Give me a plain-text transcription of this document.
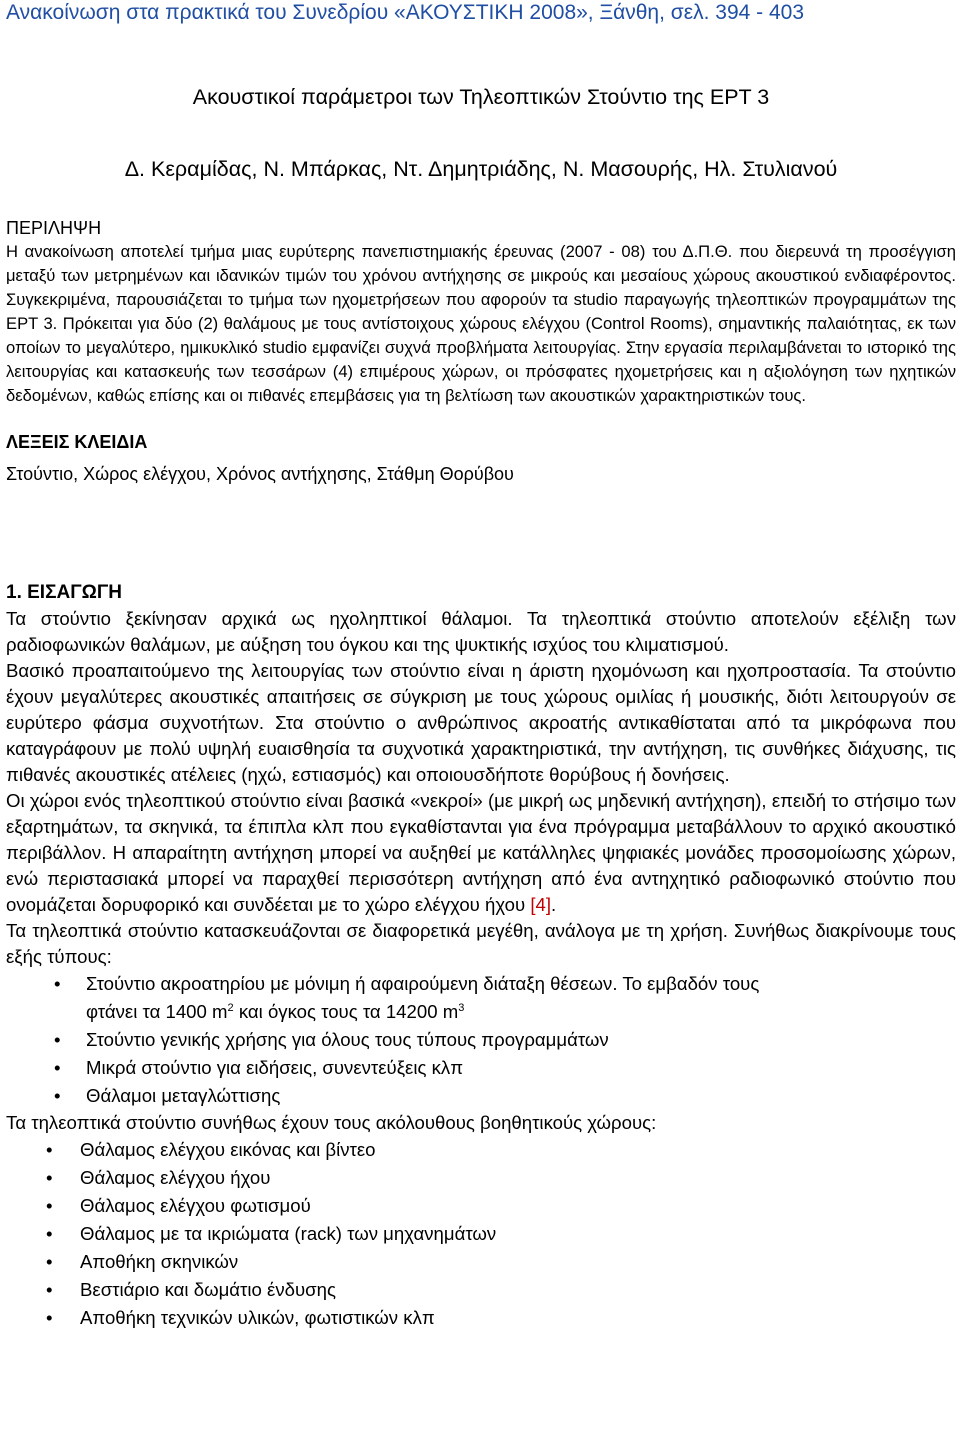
Ανακοίνωση στα πρακτικά του Συνεδρίου «ΑΚΟΥΣΤΙΚΗ 2008», Ξάνθη, σελ. 394 - 403
Ακουστικοί παράμετροι των Τηλεοπτικών Στούντιο της ΕΡΤ 3
Δ. Κεραμίδας, Ν. Μπάρκας, Ντ. Δημητριάδης, Ν. Μασουρής, Ηλ. Στυλιανού
ΠΕΡΙΛΗΨΗ

Η ανακοίνωση αποτελεί τμήμα μιας ευρύτερης πανεπιστημιακής έρευνας (2007 - 08) του Δ.Π.Θ. που διερευνά τη προσέγγιση μεταξύ των μετρημένων και ιδανικών τιμών του χρόνου αντήχησης σε μικρούς και μεσαίους χώρους ακουστικού ενδιαφέροντος. Συγκεκριμένα, παρουσιάζεται το τμήμα των ηχομετρήσεων που αφορούν τα studio παραγωγής τηλεοπτικών προγραμμάτων της ΕΡΤ 3. Πρόκειται για δύο (2) θαλάμους με τους αντίστοιχους χώρους ελέγχου (Control Rooms), σημαντικής παλαιότητας, εκ των οποίων το μεγαλύτερο, ημικυκλικό studio εμφανίζει συχνά προβλήματα λειτουργίας. Στην εργασία περιλαμβάνεται το ιστορικό της λειτουργίας και κατασκευής των τεσσάρων (4) επιμέρους χώρων, οι πρόσφατες ηχομετρήσεις και η αξιολόγηση των ηχητικών δεδομένων, καθώς επίσης και οι πιθανές επεμβάσεις για τη βελτίωση των ακουστικών χαρακτηριστικών τους.

ΛΕΞΕΙΣ ΚΛΕΙΔΙΑ
Στούντιο, Χώρος ελέγχου, Χρόνος αντήχησης, Στάθμη Θορύβου
1. ΕΙΣΑΓΩΓΗ

Τα στούντιο ξεκίνησαν αρχικά ως ηχοληπτικοί θάλαμοι. Τα τηλεοπτικά στούντιο αποτελούν εξέλιξη των ραδιοφωνικών θαλάμων, με αύξηση του όγκου και της ψυκτικής ισχύος του κλιματισμού.

Βασικό προαπαιτούμενο της λειτουργίας των στούντιο είναι η άριστη ηχομόνωση και ηχοπροστασία. Τα στούντιο έχουν μεγαλύτερες ακουστικές απαιτήσεις σε σύγκριση με τους χώρους ομιλίας ή μουσικής, διότι λειτουργούν σε ευρύτερο φάσμα συχνοτήτων. Στα στούντιο ο ανθρώπινος ακροατής αντικαθίσταται από τα μικρόφωνα που καταγράφουν με πολύ υψηλή ευαισθησία τα συχνοτικά χαρακτηριστικά, την αντήχηση, τις συνθήκες διάχυσης, τις πιθανές ακουστικές ατέλειες (ηχώ, εστιασμός) και οποιουσδήποτε θορύβους ή δονήσεις.

Οι χώροι ενός τηλεοπτικού στούντιο είναι βασικά «νεκροί» (με μικρή ως μηδενική αντήχηση), επειδή το στήσιμο των εξαρτημάτων, τα σκηνικά, τα έπιπλα κλπ που εγκαθίστανται για ένα πρόγραμμα μεταβάλλουν το αρχικό ακουστικό περιβάλλον. Η απαραίτητη αντήχηση μπορεί να αυξηθεί με κατάλληλες ψηφιακές μονάδες προσομοίωσης χώρων, ενώ περιστασιακά μπορεί να παραχθεί περισσότερη αντήχηση από ένα αντηχητικό ραδιοφωνικό στούντιο που ονομάζεται δορυφορικό και συνδέεται με το χώρο ελέγχου ήχου [4].

Τα τηλεοπτικά στούντιο κατασκευάζονται σε διαφορετικά μεγέθη, ανάλογα με τη χρήση. Συνήθως διακρίνουμε τους εξής τύπους:

• Στούντιο ακροατηρίου με μόνιμη ή αφαιρούμενη διάταξη θέσεων. Το εμβαδόν τους
φτάνει τα 1400 $m^2$ και όγκος τους τα 14200 $m^3$
• Στούντιο γενικής χρήσης για όλους τους τύπους προγραμμάτων
• Μικρά στούντιο για ειδήσεις, συνεντεύξεις κλπ
• Θάλαμοι μεταγλώττισης

Τα τηλεοπτικά στούντιο συνήθως έχουν τους ακόλουθους βοηθητικούς χώρους:

• Θάλαμος ελέγχου εικόνας και βίντεο
• Θάλαμος ελέγχου ήχου
• Θάλαμος ελέγχου φωτισμού
• Θάλαμος με τα ικριώματα (rack) των μηχανημάτων
• Αποθήκη σκηνικών
• Βεστιάριο και δωμάτιο ένδυσης
• Αποθήκη τεχνικών υλικών, φωτιστικών κλπ
